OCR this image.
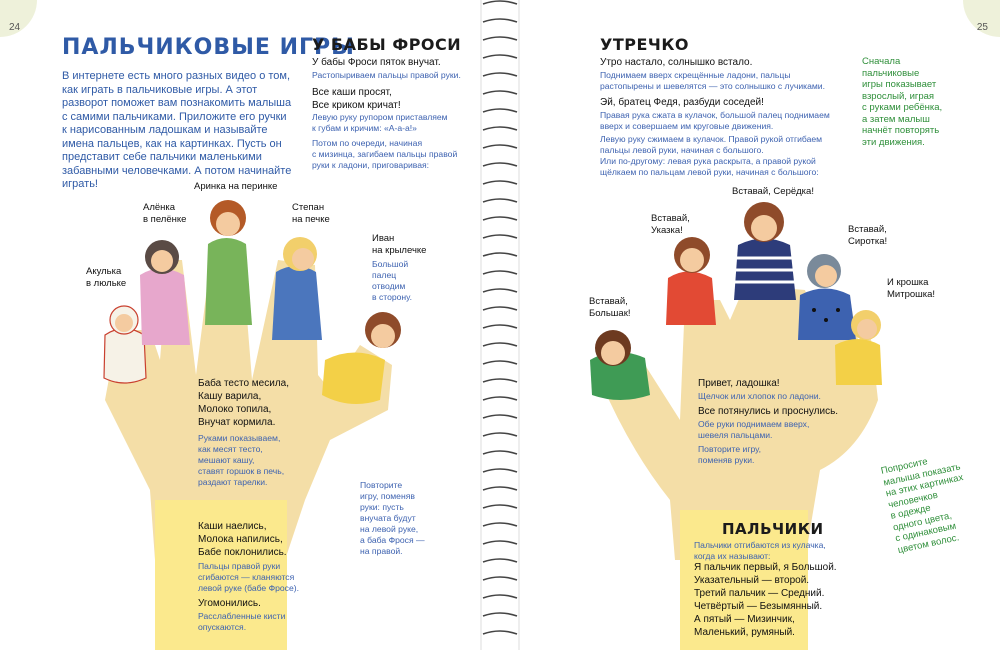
24	25
ПАЛЬЧИКОВЫЕ ИГРЫ
В интернете есть много разных видео о том, как играть в пальчиковые игры. А этот разворот поможет вам познакомить малыша с самими пальчиками. Приложите его ручки к нарисованным ладошкам и называйте имена пальцев, как на картинках. Пусть он представит себе пальчики маленькими забавными человечками. А потом начинайте играть!
Акулька
в люльке
Алёнка
в пелёнке
Аринка на перинке
Степан
на печке
Иван
на крылечке
Большой
палец
отводим
в сторону.
Баба тесто месила,
Кашу варила,
Молоко топила,
Внучат кормила.
Руками показываем,
как месят тесто,
мешают кашу,
ставят горшок в печь,
раздают тарелки.
Каши наелись,
Молока напились,
Бабе поклонились.
Пальцы правой руки
сгибаются — кланяются
левой руке (бабе Фросе).
Угомонились.
Расслабленные кисти
опускаются.
Повторите
игру, поменяв
руки: пусть
внучата будут
на левой руке,
а баба Фрося —
на правой.
У БАБЫ ФРОСИ
У бабы Фроси пяток внучат.
Растопыриваем пальцы правой руки.
Все каши просят,
Все криком кричат!
Левую руку рупором приставляем
к губам и кричим: «А-а-а!»
Потом по очереди, начиная
с мизинца, загибаем пальцы правой
руки к ладони, приговаривая:
УТРЕЧКО
Утро настало, солнышко встало.
Поднимаем вверх скрещённые ладони, пальцы
растопырены и шевелятся — это солнышко с лучиками.
Эй, братец Федя, разбуди соседей!
Правая рука сжата в кулачок, большой палец поднимаем
вверх и совершаем им круговые движения.
Левую руку сжимаем в кулачок. Правой рукой отгибаем
пальцы левой руки, начиная с большого.
Или по-другому: левая рука раскрыта, а правой рукой
щёлкаем по пальцам левой руки, начиная с большого:
Сначала
пальчиковые
игры показывает
взрослый, играя
с руками ребёнка,
а затем малыш
начнёт повторять
эти движения.
Вставай, Серёдка!
Вставай,
Указка!	Вставай,
Сиротка!
И крошка
Митрошка!
Вставай,
Большак!
Привет, ладошка!
Щелчок или хлопок по ладони.
Все потянулись и проснулись.
Обе руки поднимаем вверх,
шевеля пальцами.
Повторите игру,
поменяв руки.	Попросите
малыша показать
на этих картинках
человечков
в одежде
одного цвета,
с одинаковым
цветом волос.
ПАЛЬЧИКИ
Пальчики отгибаются из кулачка,
когда их называют:
Я пальчик первый, я Большой.
Указательный — второй.
Третий пальчик — Средний.
Четвёртый — Безымянный.
А пятый — Мизинчик,
Маленький, румяный.
